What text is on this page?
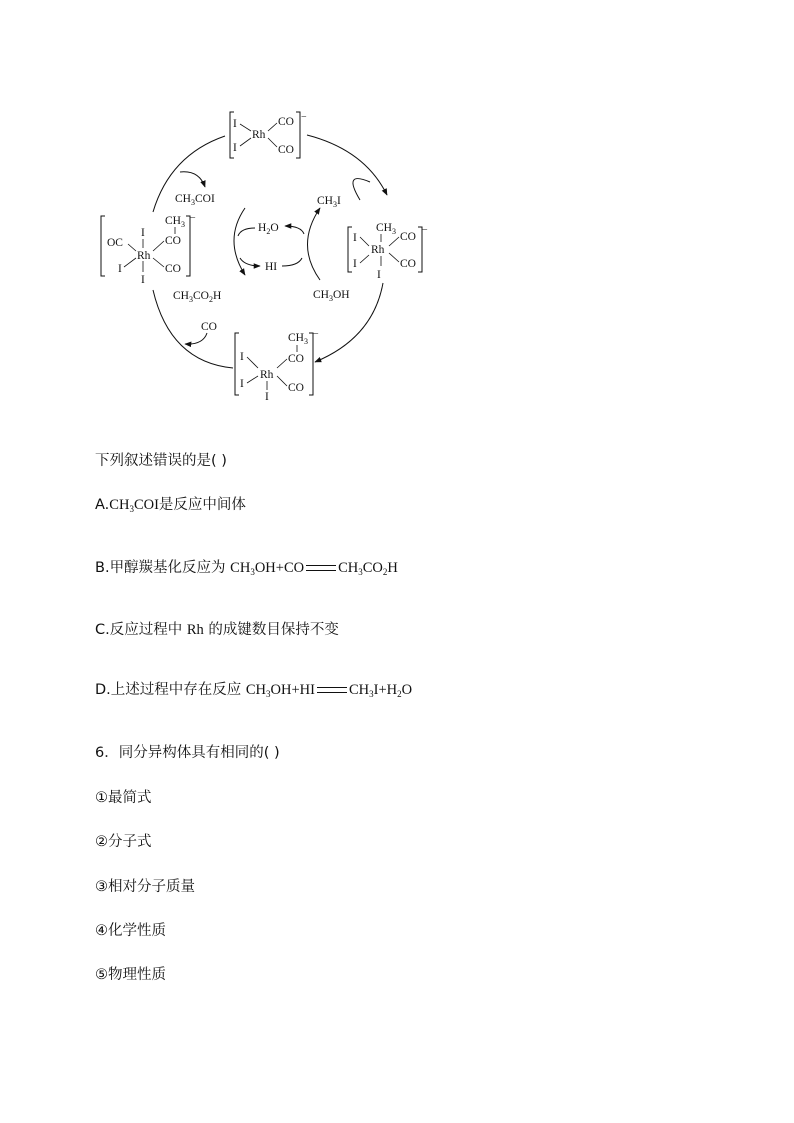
I
I
Rh
CO
CO
−
I
$CH_3$
−
OC
Rh
CO
I	CO
I
I
$CH_3$ CO
−
Rh
I	CO
I
$CH_3$
−
I	CO
Rh
I	CO
I
$CH_3COI$
$H_2O$
HI
$CH_3CO_2H$
$CH_3I$
$CH_3OH$
CO
下列叙述错误的是( )
$A.CH_3COI$是反应中间体
B.甲醇羰基化反应为 $CH_3OH+CO$ $CH_3CO_2H$
C.反应过程中 Rh 的成键数目保持不变
D.上述过程中存在反应 $CH_3OH+HI$ $CH_3I+H_2O$
6．同分异构体具有相同的( )
①最简式
②分子式
③相对分子质量
④化学性质
⑤物理性质
